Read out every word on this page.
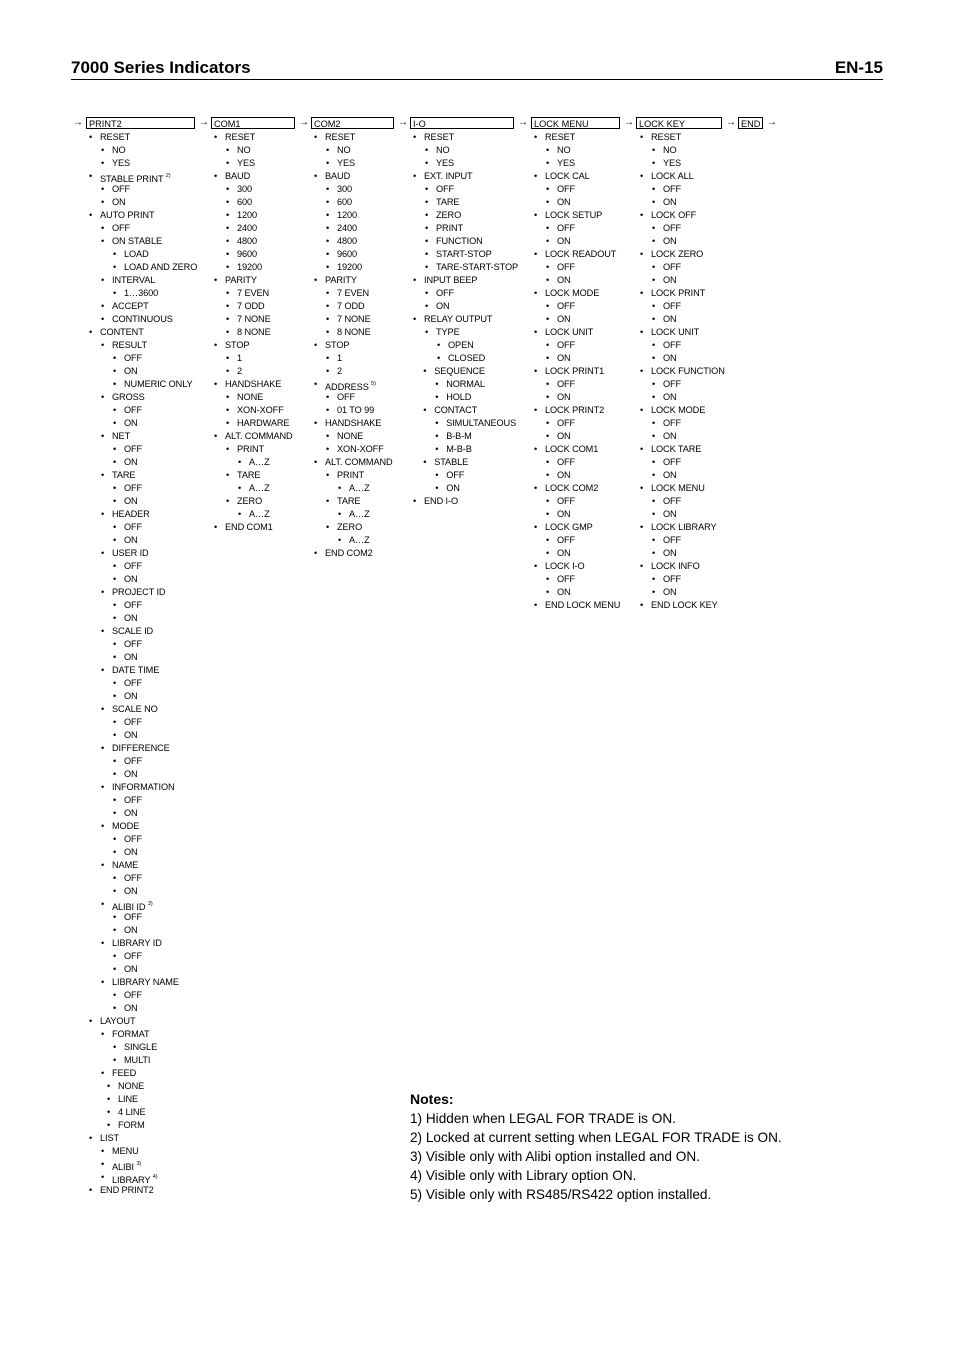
7000 Series Indicators	EN-15
→	→	→	→	→	→	→	→
PRINT2	COM1	COM2	I-O	LOCK MENU	LOCK KEY	END
• RESET
• NO
• YES
• STABLE PRINT $^{2)}$
• OFF
• ON
• AUTO PRINT
• OFF
• ON STABLE
• LOAD
• LOAD AND ZERO
• INTERVAL
• 1…3600
• ACCEPT
• CONTINUOUS
• CONTENT
• RESULT
• OFF
• ON
• NUMERIC ONLY
• GROSS
• OFF
• ON
• NET
• OFF
• ON
• TARE
• OFF
• ON
• HEADER
• OFF
• ON
• USER ID
• OFF
• ON
• PROJECT ID
• OFF
• ON
• SCALE ID
• OFF
• ON
• DATE TIME
• OFF
• ON
• SCALE NO
• OFF
• ON
• DIFFERENCE
• OFF
• ON
• INFORMATION
• OFF
• ON
• MODE
• OFF
• ON
• NAME
• OFF
• ON
• ALIBI ID $^{3)}$
• OFF
• ON
• LIBRARY ID
• OFF
• ON
• LIBRARY NAME
• OFF
• ON
• LAYOUT
• FORMAT
• SINGLE
• MULTI
• FEED
• NONE
• LINE
• 4 LINE
• FORM
• LIST
• MENU
• ALIBI $^{3)}$
• LIBRARY $^{4)}$
• END PRINT2
• RESET
• NO
• YES
• BAUD
• 300
• 600
• 1200
• 2400
• 4800
• 9600
• 19200
• PARITY
• 7 EVEN
• 7 ODD
• 7 NONE
• 8 NONE
• STOP
• 1
• 2
• HANDSHAKE
• NONE
• XON-XOFF
• HARDWARE
• ALT. COMMAND
• PRINT
• A…Z
• TARE
• A…Z
• ZERO
• A…Z
• END COM1
• RESET
• NO
• YES
• BAUD
• 300
• 600
• 1200
• 2400
• 4800
• 9600
• 19200
• PARITY
• 7 EVEN
• 7 ODD
• 7 NONE
• 8 NONE
• STOP
• 1
• 2
• ADDRESS $^{5)}$
• OFF
• 01 TO 99
• HANDSHAKE
• NONE
• XON-XOFF
• ALT. COMMAND
• PRINT
• A…Z
• TARE
• A…Z
• ZERO
• A…Z
• END COM2
• RESET
• NO
• YES
• EXT. INPUT
• OFF
• TARE
• ZERO
• PRINT
• FUNCTION
• START-STOP
• TARE-START-STOP
• INPUT BEEP
• OFF
• ON
• RELAY OUTPUT
• TYPE
• OPEN
• CLOSED
• SEQUENCE
• NORMAL
• HOLD
• CONTACT
• SIMULTANEOUS
• B-B-M
• M-B-B
• STABLE
• OFF
• ON
• END I-O
• RESET
• NO
• YES
• LOCK CAL
• OFF
• ON
• LOCK SETUP
• OFF
• ON
• LOCK READOUT
• OFF
• ON
• LOCK MODE
• OFF
• ON
• LOCK UNIT
• OFF
• ON
• LOCK PRINT1
• OFF
• ON
• LOCK PRINT2
• OFF
• ON
• LOCK COM1
• OFF
• ON
• LOCK COM2
• OFF
• ON
• LOCK GMP
• OFF
• ON
• LOCK I-O
• OFF
• ON
• END LOCK MENU
• RESET
• NO
• YES
• LOCK ALL
• OFF
• ON
• LOCK OFF
• OFF
• ON
• LOCK ZERO
• OFF
• ON
• LOCK PRINT
• OFF
• ON
• LOCK UNIT
• OFF
• ON
• LOCK FUNCTION
• OFF
• ON
• LOCK MODE
• OFF
• ON
• LOCK TARE
• OFF
• ON
• LOCK MENU
• OFF
• ON
• LOCK LIBRARY
• OFF
• ON
• LOCK INFO
• OFF
• ON
• END LOCK KEY
Notes:
1) Hidden when LEGAL FOR TRADE is ON.
2) Locked at current setting when LEGAL FOR TRADE is ON.
3) Visible only with Alibi option installed and ON.
4) Visible only with Library option ON.
5) Visible only with RS485/RS422 option installed.
